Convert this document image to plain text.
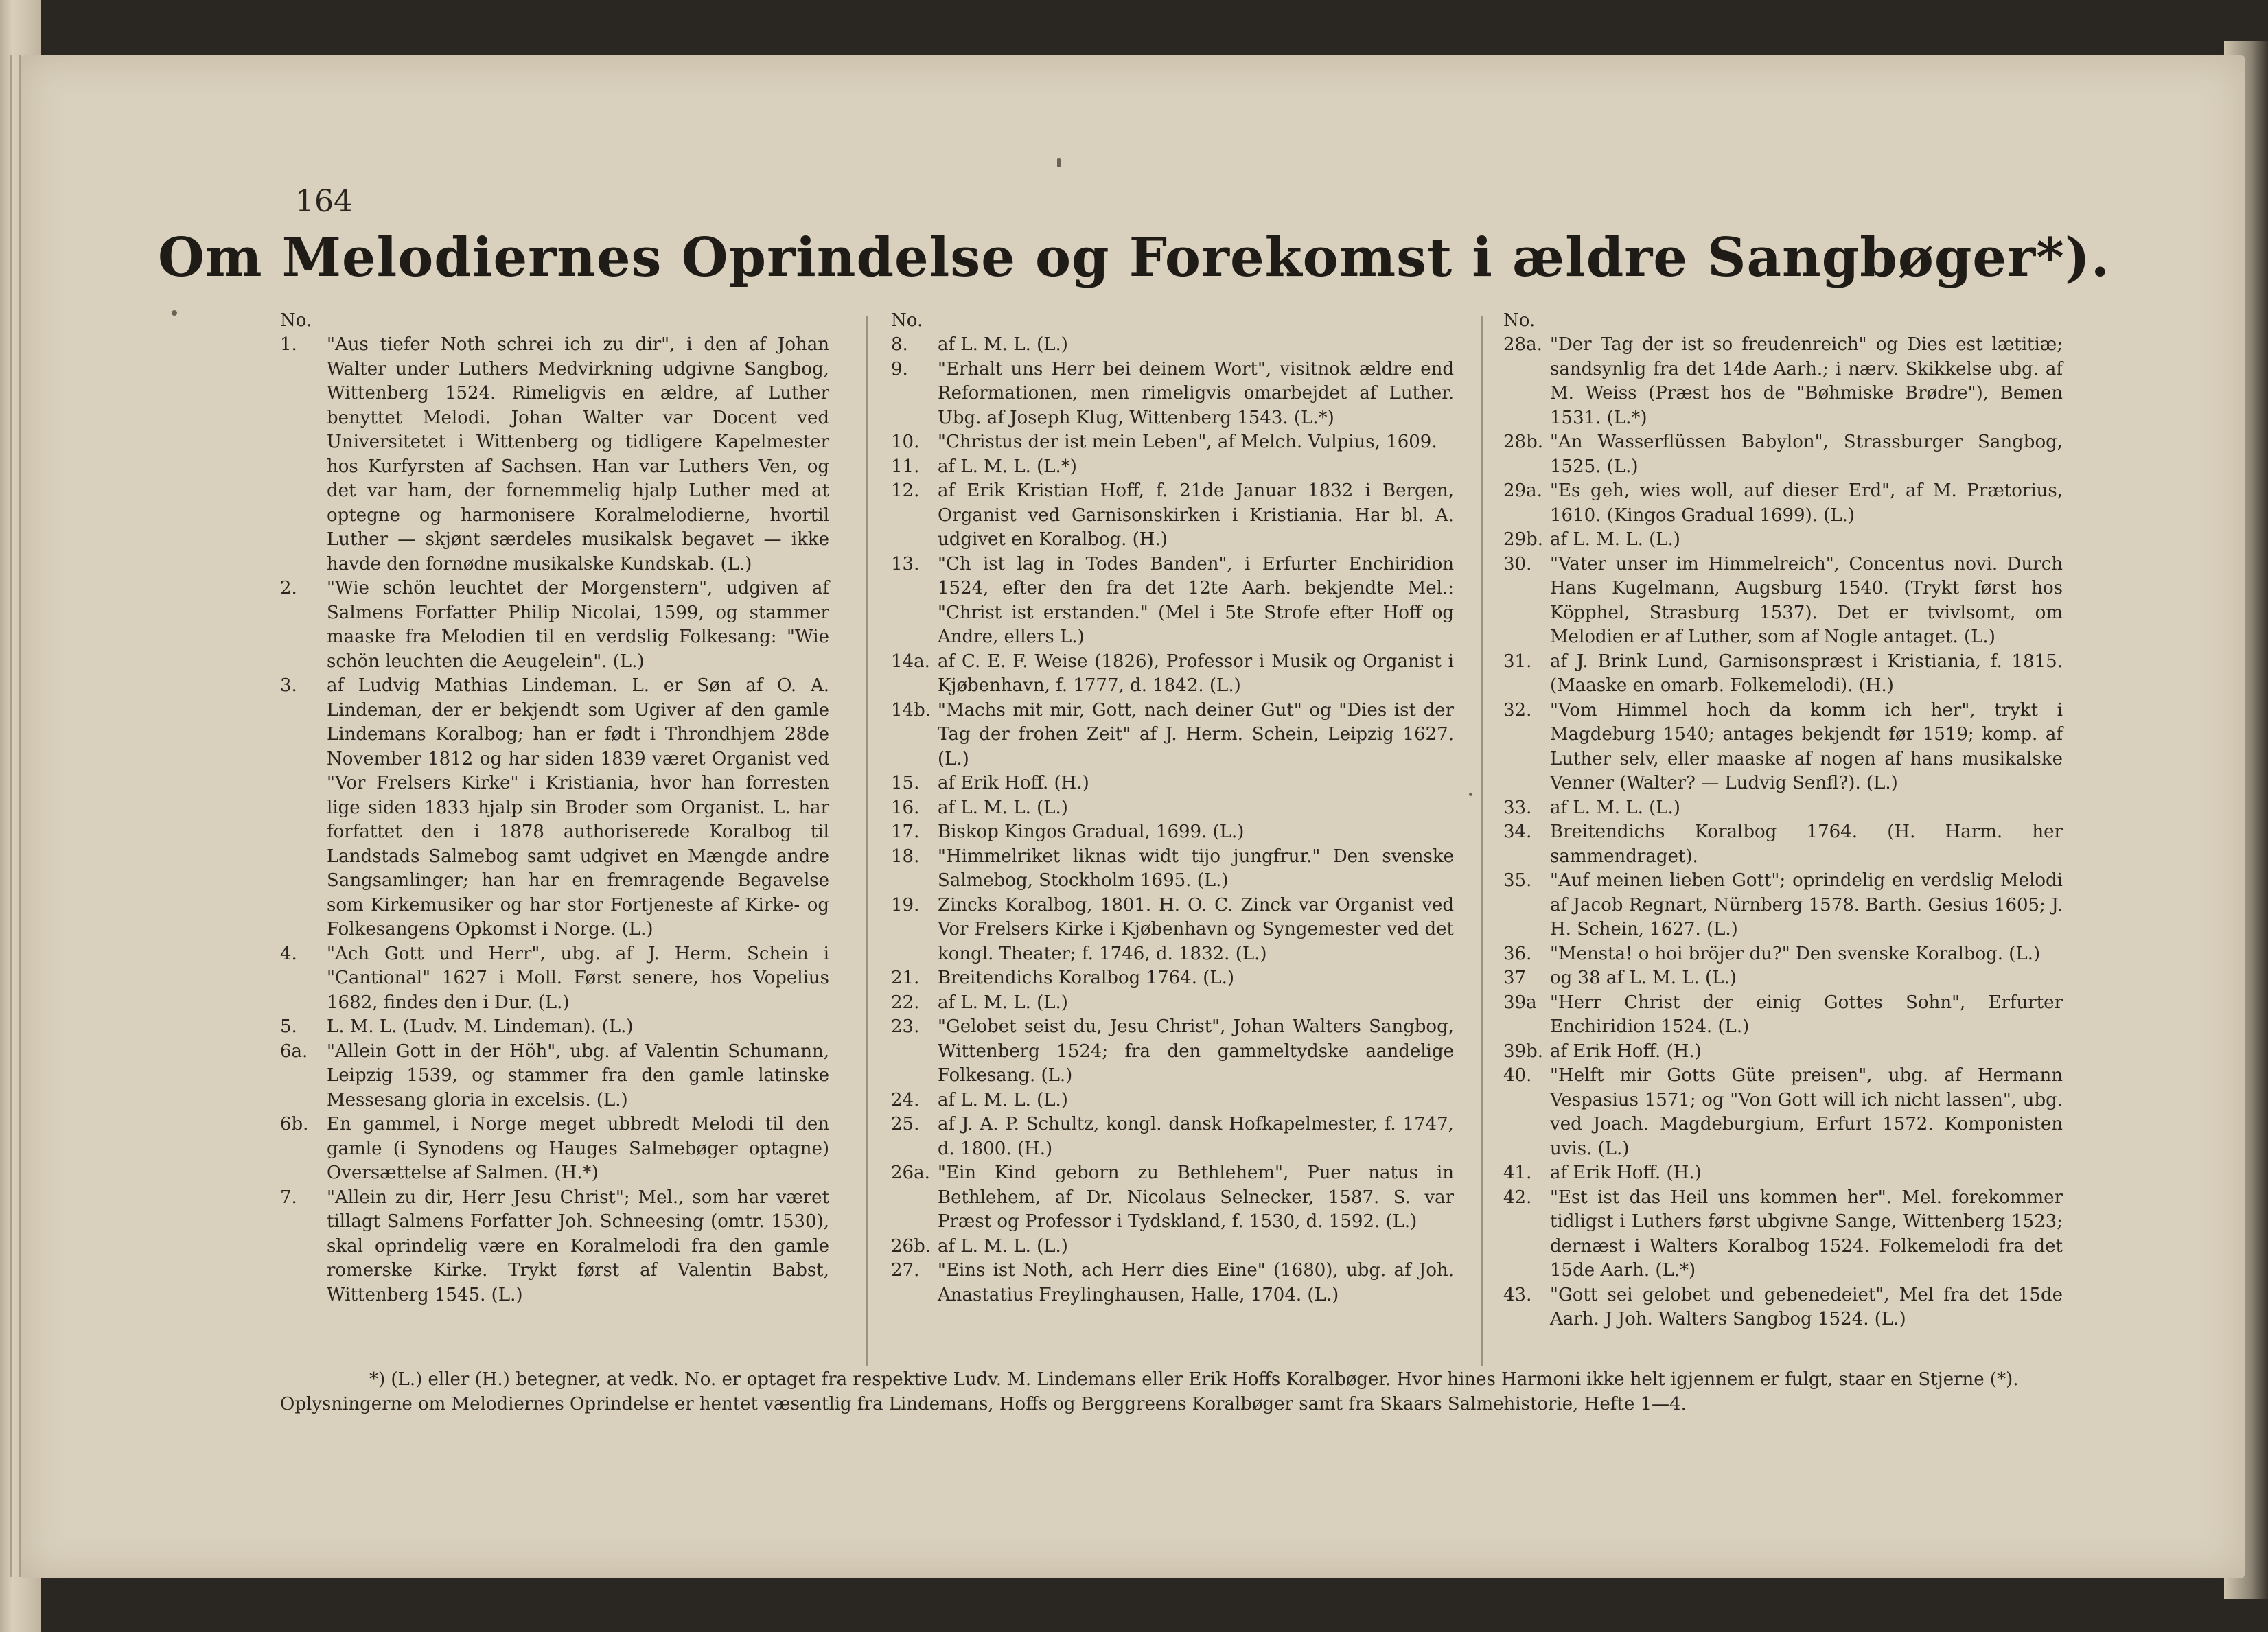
164
Om Melodiernes Oprindelse og Forekomst i ældre Sangbøger*).
No.
1.	"Aus tiefer Noth schrei ich zu dir", i den af Johan Walter under Luthers Medvirkning udgivne Sangbog, Wittenberg 1524. Rimeligvis en ældre, af Luther benyttet Melodi. Johan Walter var Docent ved Universitetet i Wittenberg og tidligere Kapelmester hos Kurfyrsten af Sachsen. Han var Luthers Ven, og det var ham, der fornemmelig hjalp Luther med at optegne og harmonisere Koralmelodierne, hvortil Luther — skjønt særdeles musikalsk begavet — ikke havde den fornødne musikalske Kundskab. (L.)
2.	"Wie schön leuchtet der Morgenstern", udgiven af Salmens Forfatter Philip Nicolai, 1599, og stammer maaske fra Melodien til en verdslig Folkesang: "Wie schön leuchten die Aeugelein". (L.)
3.	af Ludvig Mathias Lindeman. L. er Søn af O. A. Lindeman, der er bekjendt som Ugiver af den gamle Lindemans Koralbog; han er født i Throndhjem 28de November 1812 og har siden 1839 været Organist ved "Vor Frelsers Kirke" i Kristiania, hvor han forresten lige siden 1833 hjalp sin Broder som Organist. L. har forfattet den i 1878 authoriserede Koralbog til Landstads Salmebog samt udgivet en Mængde andre Sangsamlinger; han har en fremragende Begavelse som Kirkemusiker og har stor Fortjeneste af Kirke- og Folkesangens Opkomst i Norge. (L.)
4.	"Ach Gott und Herr", ubg. af J. Herm. Schein i "Cantional" 1627 i Moll. Først senere, hos Vopelius 1682, findes den i Dur. (L.)
5.	L. M. L. (Ludv. M. Lindeman). (L.)
6a.	"Allein Gott in der Höh", ubg. af Valentin Schumann, Leipzig 1539, og stammer fra den gamle latinske Messesang gloria in excelsis. (L.)
6b.	En gammel, i Norge meget ubbredt Melodi til den gamle (i Synodens og Hauges Salmebøger optagne) Oversættelse af Salmen. (H.*)
7.	"Allein zu dir, Herr Jesu Christ"; Mel., som har været tillagt Salmens Forfatter Joh. Schneesing (omtr. 1530), skal oprindelig være en Koralmelodi fra den gamle romerske Kirke. Trykt først af Valentin Babst, Wittenberg 1545. (L.)
No.
8.	af L. M. L. (L.)
9.	"Erhalt uns Herr bei deinem Wort", visitnok ældre end Reformationen, men rimeligvis omarbejdet af Luther. Ubg. af Joseph Klug, Wittenberg 1543. (L.*)
10.	"Christus der ist mein Leben", af Melch. Vulpius, 1609.
11.	af L. M. L. (L.*)
12.	af Erik Kristian Hoff, f. 21de Januar 1832 i Bergen, Organist ved Garnisonskirken i Kristiania. Har bl. A. udgivet en Koralbog. (H.)
13.	"Ch ist lag in Todes Banden", i Erfurter Enchiridion 1524, efter den fra det 12te Aarh. bekjendte Mel.: "Christ ist erstanden." (Mel i 5te Strofe efter Hoff og Andre, ellers L.)
14a. af C. E. F. Weise (1826), Professor i Musik og Organist i Kjøbenhavn, f. 1777, d. 1842. (L.)
14b. "Machs mit mir, Gott, nach deiner Gut" og "Dies ist der Tag der frohen Zeit" af J. Herm. Schein, Leipzig 1627. (L.)
15.	af Erik Hoff. (H.)
16.	af L. M. L. (L.)
17.	Biskop Kingos Gradual, 1699. (L.)
18.	"Himmelriket liknas widt tijo jungfrur." Den svenske Salmebog, Stockholm 1695. (L.)
19.	Zincks Koralbog, 1801. H. O. C. Zinck var Organist ved Vor Frelsers Kirke i Kjøbenhavn og Syngemester ved det kongl. Theater; f. 1746, d. 1832. (L.)
21.	Breitendichs Koralbog 1764. (L.)
22.	af L. M. L. (L.)
23.	"Gelobet seist du, Jesu Christ", Johan Walters Sangbog, Wittenberg 1524; fra den gammeltydske aandelige Folkesang. (L.)
24.	af L. M. L. (L.)
25.	af J. A. P. Schultz, kongl. dansk Hofkapelmester, f. 1747, d. 1800. (H.)
26a. "Ein Kind geborn zu Bethlehem", Puer natus in Bethlehem, af Dr. Nicolaus Selnecker, 1587. S. var Præst og Professor i Tydskland, f. 1530, d. 1592. (L.)
26b. af L. M. L. (L.)
27.	"Eins ist Noth, ach Herr dies Eine" (1680), ubg. af Joh. Anastatius Freylinghausen, Halle, 1704. (L.)
No.
28a. "Der Tag der ist so freudenreich" og Dies est lætitiæ; sandsynlig fra det 14de Aarh.; i nærv. Skikkelse ubg. af M. Weiss (Præst hos de "Bøhmiske Brødre"), Bemen 1531. (L.*)
28b. "An Wasserflüssen Babylon", Strassburger Sangbog, 1525. (L.)
29a. "Es geh, wies woll, auf dieser Erd", af M. Prætorius, 1610. (Kingos Gradual 1699). (L.)
29b. af L. M. L. (L.)
30.	"Vater unser im Himmelreich", Concentus novi. Durch Hans Kugelmann, Augsburg 1540. (Trykt først hos Köpphel, Strasburg 1537). Det er tvivlsomt, om Melodien er af Luther, som af Nogle antaget. (L.)
31.	af J. Brink Lund, Garnisonspræst i Kristiania, f. 1815. (Maaske en omarb. Folkemelodi). (H.)
32.	"Vom Himmel hoch da komm ich her", trykt i Magdeburg 1540; antages bekjendt før 1519; komp. af Luther selv, eller maaske af nogen af hans musikalske Venner (Walter? — Ludvig Senfl?). (L.)
33.	af L. M. L. (L.)
34.	Breitendichs Koralbog 1764. (H. Harm. her sammendraget).
35.	"Auf meinen lieben Gott"; oprindelig en verdslig Melodi af Jacob Regnart, Nürnberg 1578. Barth. Gesius 1605; J. H. Schein, 1627. (L.)
36.	"Mensta! o hoi bröjer du?" Den svenske Koralbog. (L.)
37	og 38 af L. M. L. (L.)
39a "Herr Christ der einig Gottes Sohn", Erfurter Enchiridion 1524. (L.)
39b. af Erik Hoff. (H.)
40.	"Helft mir Gotts Güte preisen", ubg. af Hermann Vespasius 1571; og "Von Gott will ich nicht lassen", ubg. ved Joach. Magdeburgium, Erfurt 1572. Komponisten uvis. (L.)
41.	af Erik Hoff. (H.)
42.	"Est ist das Heil uns kommen her". Mel. forekommer tidligst i Luthers først ubgivne Sange, Wittenberg 1523; dernæst i Walters Koralbog 1524. Folkemelodi fra det 15de Aarh. (L.*)
43.	"Gott sei gelobet und gebenedeiet", Mel fra det 15de Aarh. J Joh. Walters Sangbog 1524. (L.)
*) (L.) eller (H.) betegner, at vedk. No. er optaget fra respektive Ludv. M. Lindemans eller Erik Hoffs Koralbøger. Hvor hines Harmoni ikke helt igjennem er fulgt, staar en Stjerne (*).
Oplysningerne om Melodiernes Oprindelse er hentet væsentlig fra Lindemans, Hoffs og Berggreens Koralbøger samt fra Skaars Salmehistorie, Hefte 1—4.
